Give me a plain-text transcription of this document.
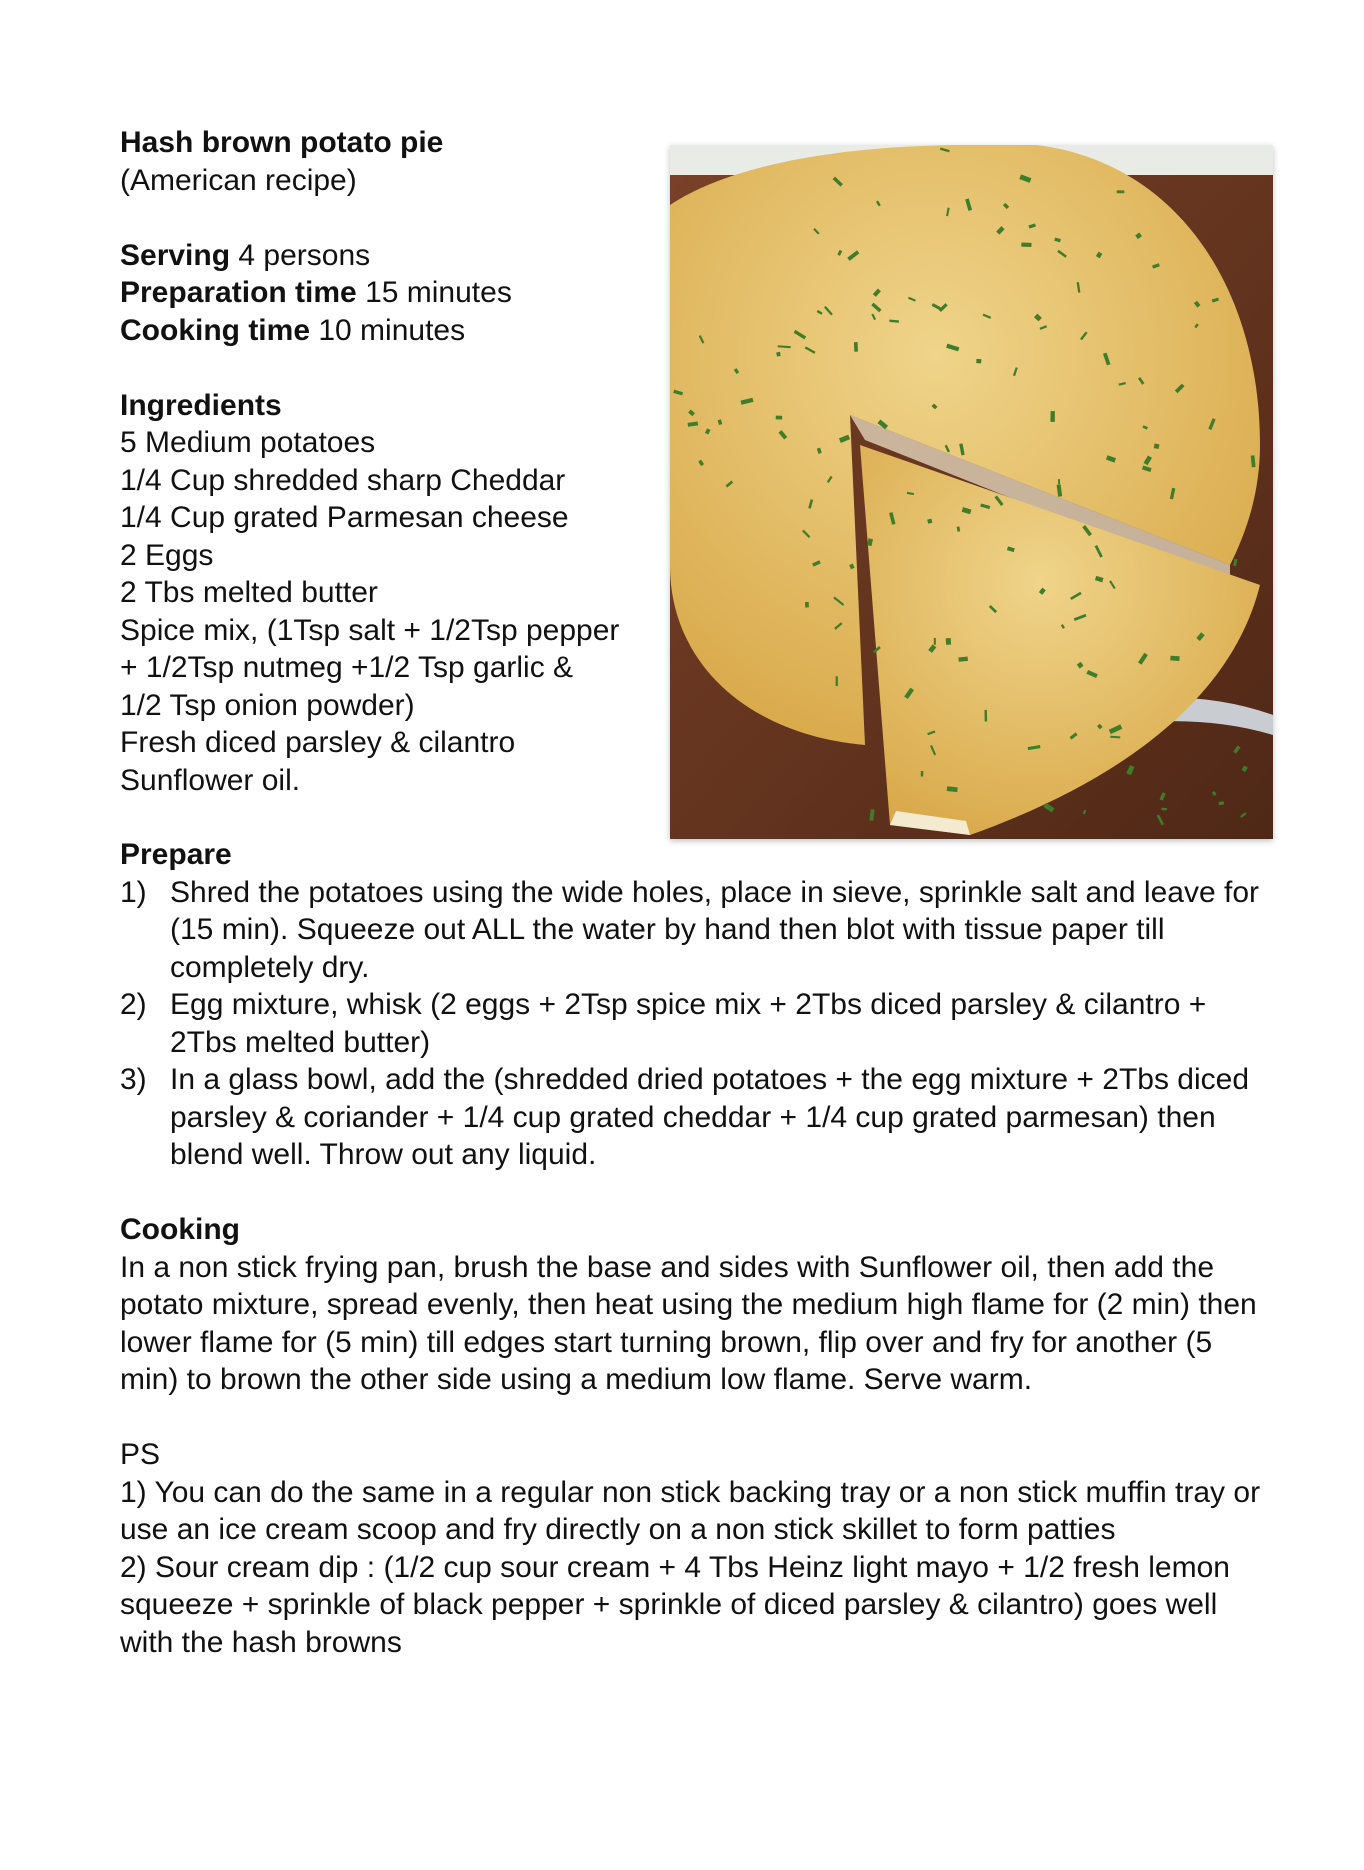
Hash brown potato pie
(American recipe)
Serving 4 persons
Preparation time 15 minutes
Cooking time 10 minutes
Ingredients
5 Medium potatoes
1/4 Cup shredded sharp Cheddar
1/4 Cup grated Parmesan cheese
2 Eggs
2 Tbs melted butter
Spice mix, (1Tsp salt + 1/2Tsp pepper
+ 1/2Tsp nutmeg +1/2 Tsp garlic &
1/2 Tsp onion powder)
Fresh diced parsley & cilantro
Sunflower oil.
Prepare
1) Shred the potatoes using the wide holes, place in sieve, sprinkle salt and leave for (15 min). Squeeze out ALL the water by hand then blot with tissue paper till completely dry.
2) Egg mixture, whisk (2 eggs + 2Tsp spice mix + 2Tbs diced parsley & cilantro + 2Tbs melted butter)
3) In a glass bowl, add the (shredded dried potatoes + the egg mixture + 2Tbs diced parsley & coriander + 1/4 cup grated cheddar + 1/4 cup grated parmesan) then blend well. Throw out any liquid.
Cooking
In a non stick frying pan, brush the base and sides with Sunflower oil, then add the potato mixture, spread evenly, then heat using the medium high flame for (2 min) then lower flame for (5 min) till edges start turning brown, flip over and fry for another (5 min) to brown the other side using a medium low flame. Serve warm.
PS
1) You can do the same in a regular non stick backing tray or a non stick muffin tray or use an ice cream scoop and fry directly on a non stick skillet to form patties
2) Sour cream dip : (1/2 cup sour cream + 4 Tbs Heinz light mayo + 1/2 fresh lemon squeeze + sprinkle of black pepper + sprinkle of diced parsley & cilantro) goes well with the hash browns
